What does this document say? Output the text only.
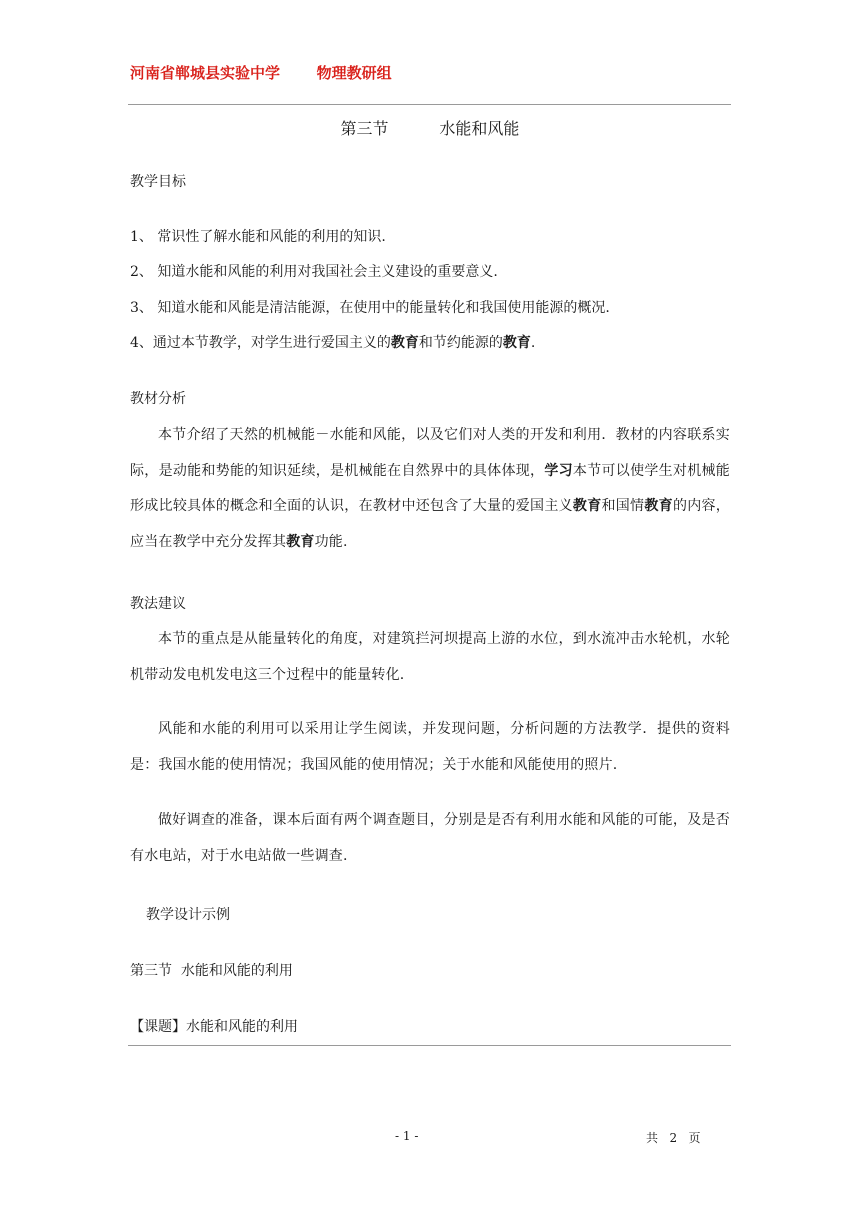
河南省郸城县实验中学 物理教研组
第三节	水能和风能
教学目标
1、 常识性了解水能和风能的利用的知识.
2、 知道水能和风能的利用对我国社会主义建设的重要意义.
3、 知道水能和风能是清洁能源，在使用中的能量转化和我国使用能源的概况.
4、通过本节教学，对学生进行爱国主义的教育和节约能源的教育.
教材分析
本节介绍了天然的机械能－水能和风能，以及它们对人类的开发和利用．教材的内容联系实际，是动能和势能的知识延续，是机械能在自然界中的具体体现，学习本节可以使学生对机械能形成比较具体的概念和全面的认识，在教材中还包含了大量的爱国主义教育和国情教育的内容，应当在教学中充分发挥其教育功能.
教法建议
本节的重点是从能量转化的角度，对建筑拦河坝提高上游的水位，到水流冲击水轮机，水轮机带动发电机发电这三个过程中的能量转化.
风能和水能的利用可以采用让学生阅读，并发现问题，分析问题的方法教学．提供的资料是：我国水能的使用情况；我国风能的使用情况；关于水能和风能使用的照片.
做好调查的准备，课本后面有两个调查题目，分别是是否有利用水能和风能的可能，及是否有水电站，对于水电站做一些调查.
教学设计示例
第三节  水能和风能的利用
【课题】水能和风能的利用
- 1 -	共   2   页
